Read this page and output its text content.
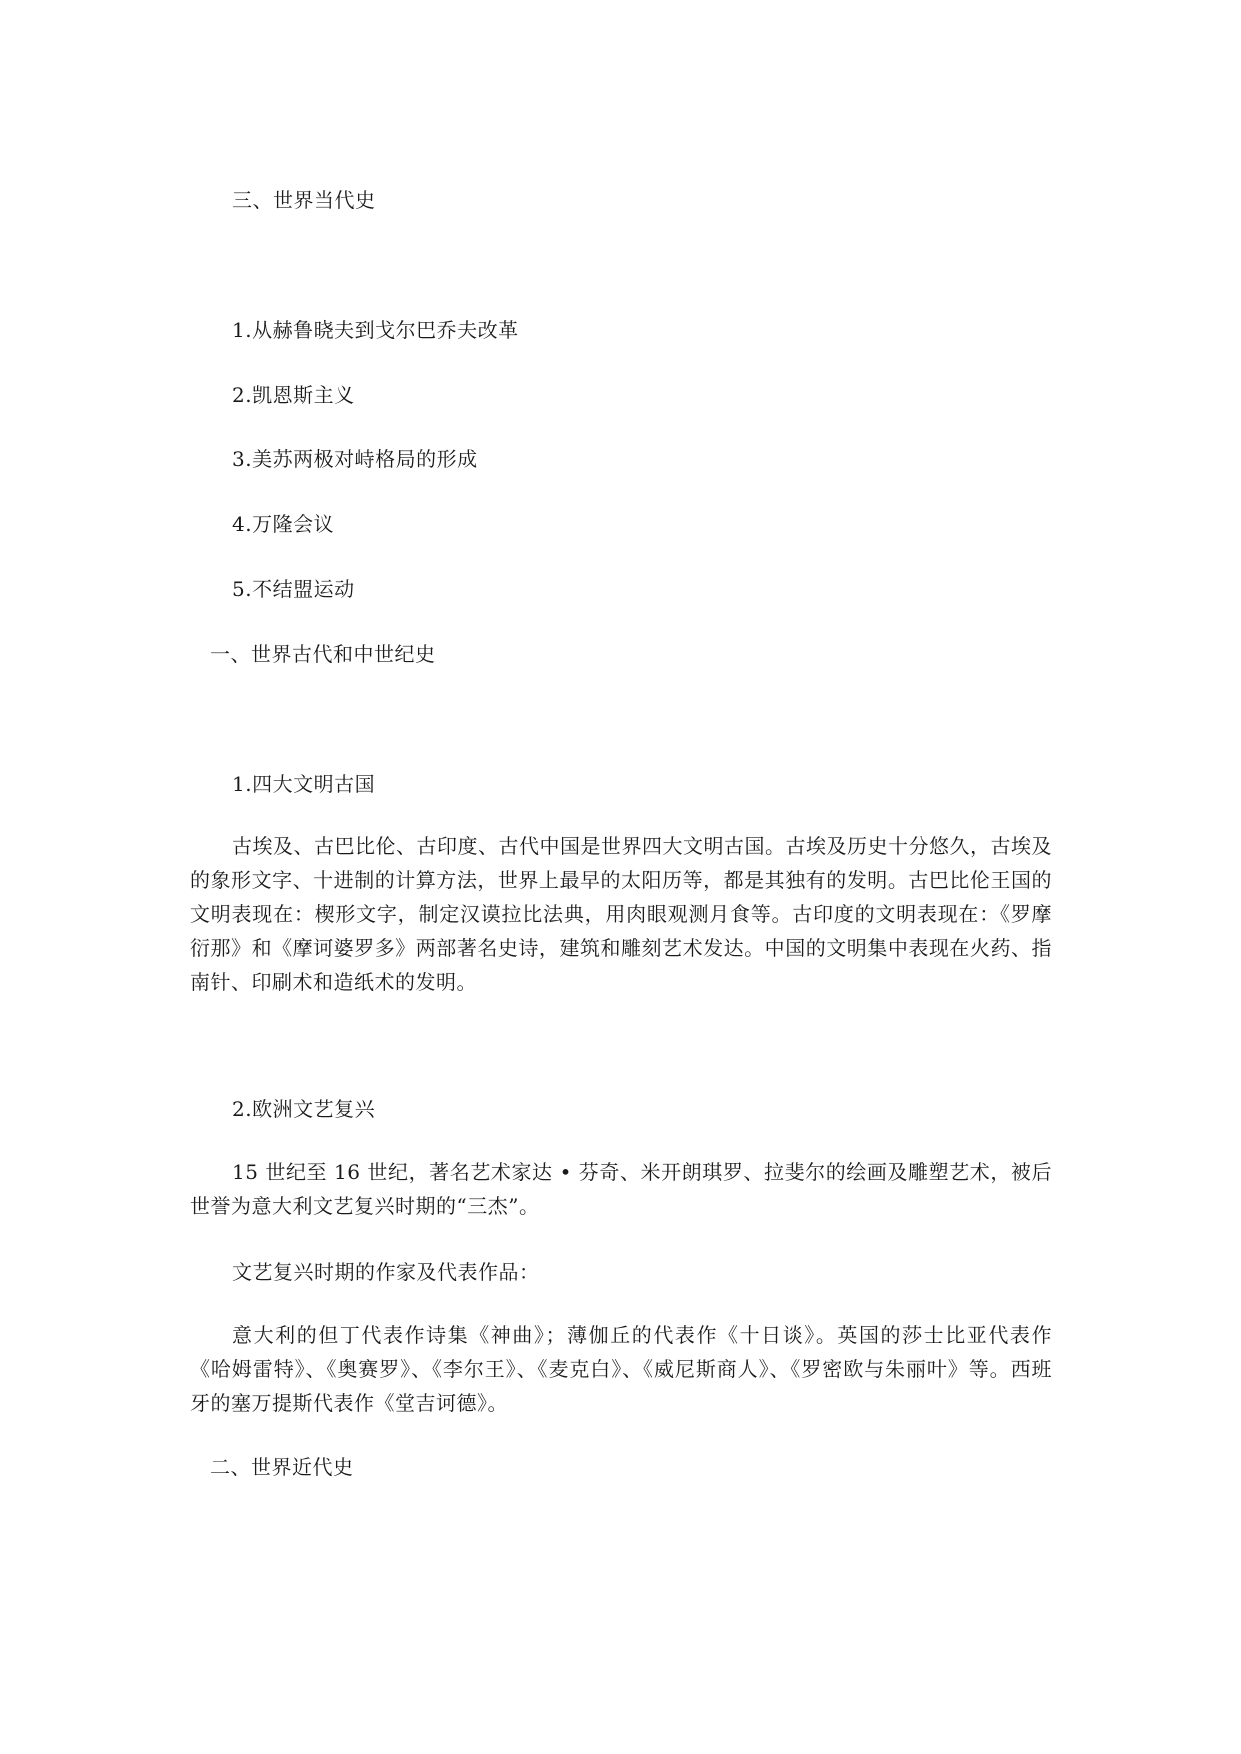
三、世界当代史
1.从赫鲁晓夫到戈尔巴乔夫改革
2.凯恩斯主义
3.美苏两极对峙格局的形成
4.万隆会议
5.不结盟运动
一、世界古代和中世纪史
1.四大文明古国
古埃及、古巴比伦、古印度、古代中国是世界四大文明古国。古埃及历史十分悠久，古埃及的象形文字、十进制的计算方法，世界上最早的太阳历等，都是其独有的发明。古巴比伦王国的文明表现在：楔形文字，制定汉谟拉比法典，用肉眼观测月食等。古印度的文明表现在：《罗摩衍那》和《摩诃婆罗多》两部著名史诗，建筑和雕刻艺术发达。中国的文明集中表现在火药、指南针、印刷术和造纸术的发明。
2.欧洲文艺复兴
15 世纪至 16 世纪，著名艺术家达 • 芬奇、米开朗琪罗、拉斐尔的绘画及雕塑艺术，被后世誉为意大利文艺复兴时期的“三杰”。
文艺复兴时期的作家及代表作品：
意大利的但丁代表作诗集《神曲》；薄伽丘的代表作《十日谈》。英国的莎士比亚代表作《哈姆雷特》、《奥赛罗》、《李尔王》、《麦克白》、《威尼斯商人》、《罗密欧与朱丽叶》等。西班牙的塞万提斯代表作《堂吉诃德》。
二、世界近代史
